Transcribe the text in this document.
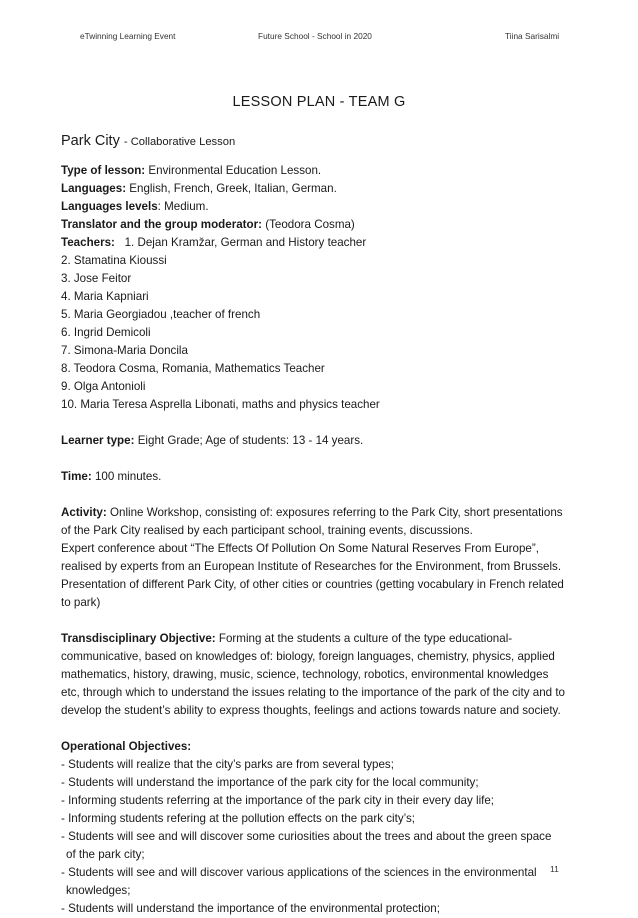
eTwinning Learning Event	Future School - School in 2020	Tiina Sarisalmi
LESSON PLAN - TEAM G

Park City - Collaborative Lesson

Type of lesson: Environmental Education Lesson.

Languages: English, French, Greek, Italian, German.

Languages levels: Medium.

Translator and the group moderator: (Teodora Cosma)

Teachers: 1. Dejan Kramžar, German and History teacher

2. Stamatina Kioussi

3. Jose Feitor

4. Maria Kapniari

5. Maria Georgiadou ,teacher of french

6. Ingrid Demicoli

7. Simona-Maria Doncila

8. Teodora Cosma, Romania, Mathematics Teacher

9. Olga Antonioli

10. Maria Teresa Asprella Libonati, maths and physics teacher

Learner type: Eight Grade; Age of students: 13 - 14 years.

Time: 100 minutes.

Activity: Online Workshop, consisting of: exposures referring to the Park City, short presentations

of the Park City realised by each participant school, training events, discussions.

Expert conference about “The Effects Of Pollution On Some Natural Reserves From Europe”,

realised by experts from an European Institute of Researches for the Environment, from Brussels.

Presentation of different Park City, of other cities or countries (getting vocabulary in French related

to park)

Transdisciplinary Objective: Forming at the students a culture of the type educational-

communicative, based on knowledges of: biology, foreign languages, chemistry, physics, applied

mathematics, history, drawing, music, science, technology, robotics, environmental knowledges

etc, through which to understand the issues relating to the importance of the park of the city and to

develop the student’s ability to express thoughts, feelings and actions towards nature and society.

Operational Objectives:

- Students will realize that the city’s parks are from several types;

- Students will understand the importance of the park city for the local community;

- Informing students referring at the importance of the park city in their every day life;

- Informing students refering at the pollution effects on the park city’s;

- Students will see and will discover some curiosities about the trees and about the green space

of the park city;

- Students will see and will discover various applications of the sciences in the environmental

knowledges;

- Students will understand the importance of the environmental protection;

11
